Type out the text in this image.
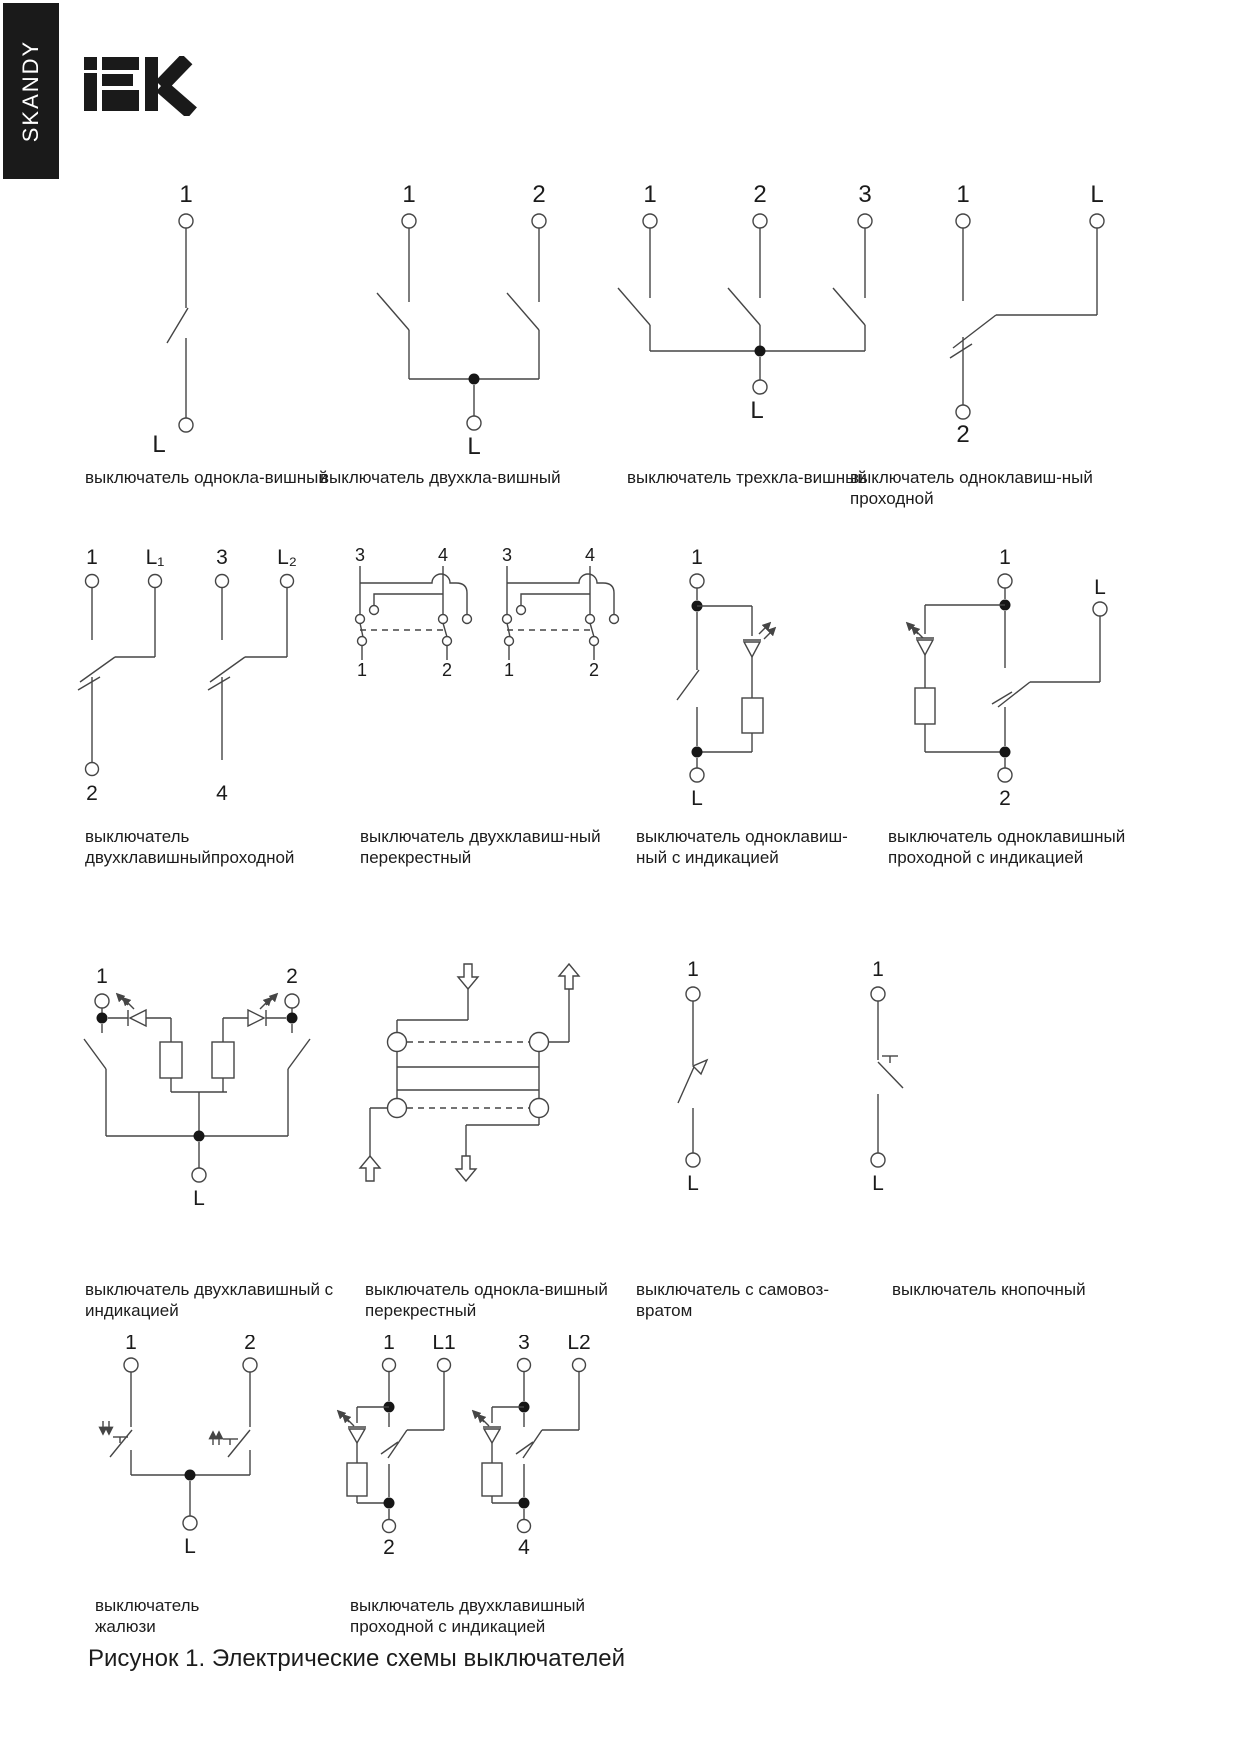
SKANDY
1
L
выключатель однокла-вишный
1	2
L
выключатель двухкла-вишный
1	2	3
L
выключатель трехкла-вишный
1	L
2
выключатель одноклавиш-ный
проходной
1 L₁ 3 L₂
2	4
выключатель
двухклавишныйпроходной
3	4
1	2
3	4
1	2
выключатель двухклавиш-ный
перекрестный
1
L
выключатель одноклавиш-
ный с индикацией
1
L
2
выключатель одноклавишный
проходной с индикацией
1	2
L
выключатель двухклавишный с
индикацией
выключатель однокла-вишный
перекрестный
1
L
выключатель с самовоз-
вратом
1
L
выключатель кнопочный
1	2
L
выключатель
жалюзи
1 L1
2
3 L2
4
выключатель двухклавишный
проходной с индикацией
Рисунок 1. Электрические схемы выключателей
